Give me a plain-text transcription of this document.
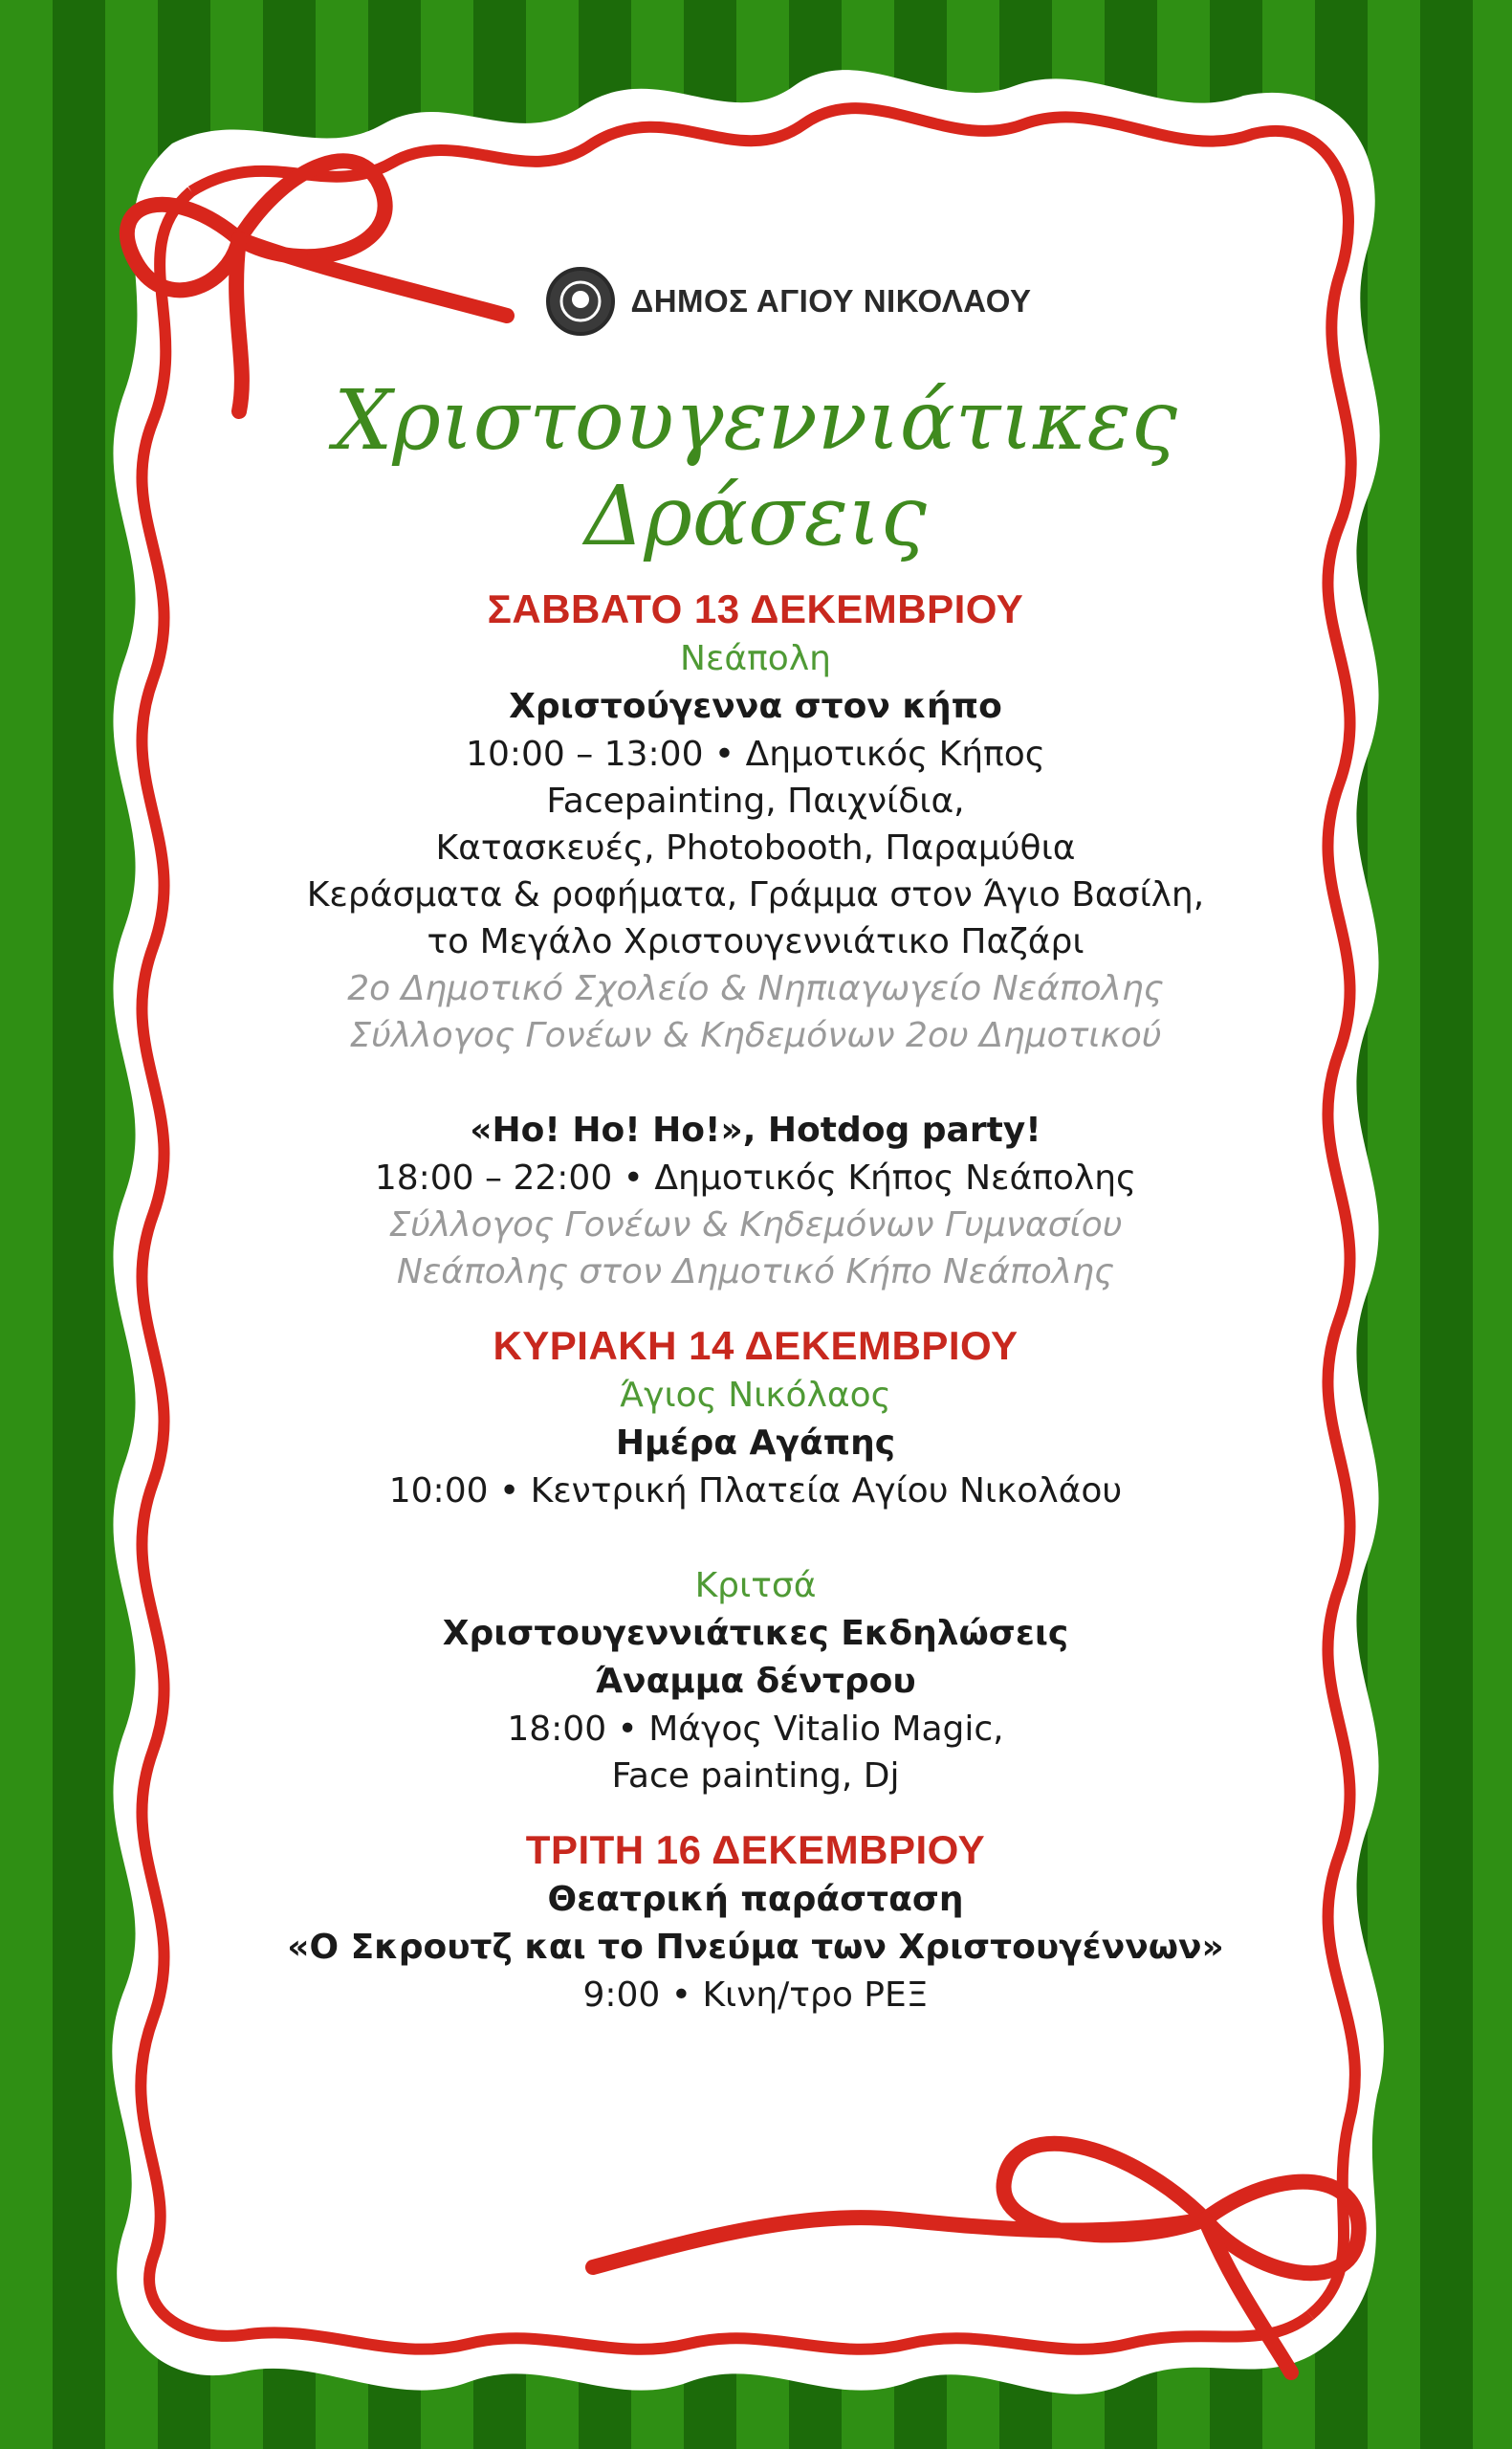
ΔΗΜΟΣ ΑΓΙΟΥ ΝΙΚΟΛΑΟΥ
Χριστουγεννιάτικες
Δράσεις
ΣΑΒΒΑΤΟ 13 ΔΕΚΕΜΒΡΙΟΥ
Νεάπολη
Χριστούγεννα στον κήπο
10:00 – 13:00 • Δημοτικός Κήπος
Facepainting, Παιχνίδια,
Κατασκευές, Photobooth, Παραμύθια
Κεράσματα & ροφήματα, Γράμμα στον Άγιο Βασίλη,
το Μεγάλο Χριστουγεννιάτικο Παζάρι
2ο Δημοτικό Σχολείο & Νηπιαγωγείο Νεάπολης
Σύλλογος Γονέων & Κηδεμόνων 2ου Δημοτικού
«Ho! Ho! Ho!», Hotdog party!
18:00 – 22:00 • Δημοτικός Κήπος Νεάπολης
Σύλλογος Γονέων & Κηδεμόνων Γυμνασίου
Νεάπολης στον Δημοτικό Κήπο Νεάπολης
ΚΥΡΙΑΚΗ 14 ΔΕΚΕΜΒΡΙΟΥ
Άγιος Νικόλαος
Ημέρα Αγάπης
10:00 • Κεντρική Πλατεία Αγίου Νικολάου
Κριτσά
Χριστουγεννιάτικες Εκδηλώσεις
Άναμμα δέντρου
18:00 • Μάγος Vitalio Magic,
Face painting, Dj
ΤΡΙΤΗ 16 ΔΕΚΕΜΒΡΙΟΥ
Θεατρική παράσταση
«Ο Σκρουτζ και το Πνεύμα των Χριστουγέννων»
9:00 • Κινη/τρο ΡΕΞ
